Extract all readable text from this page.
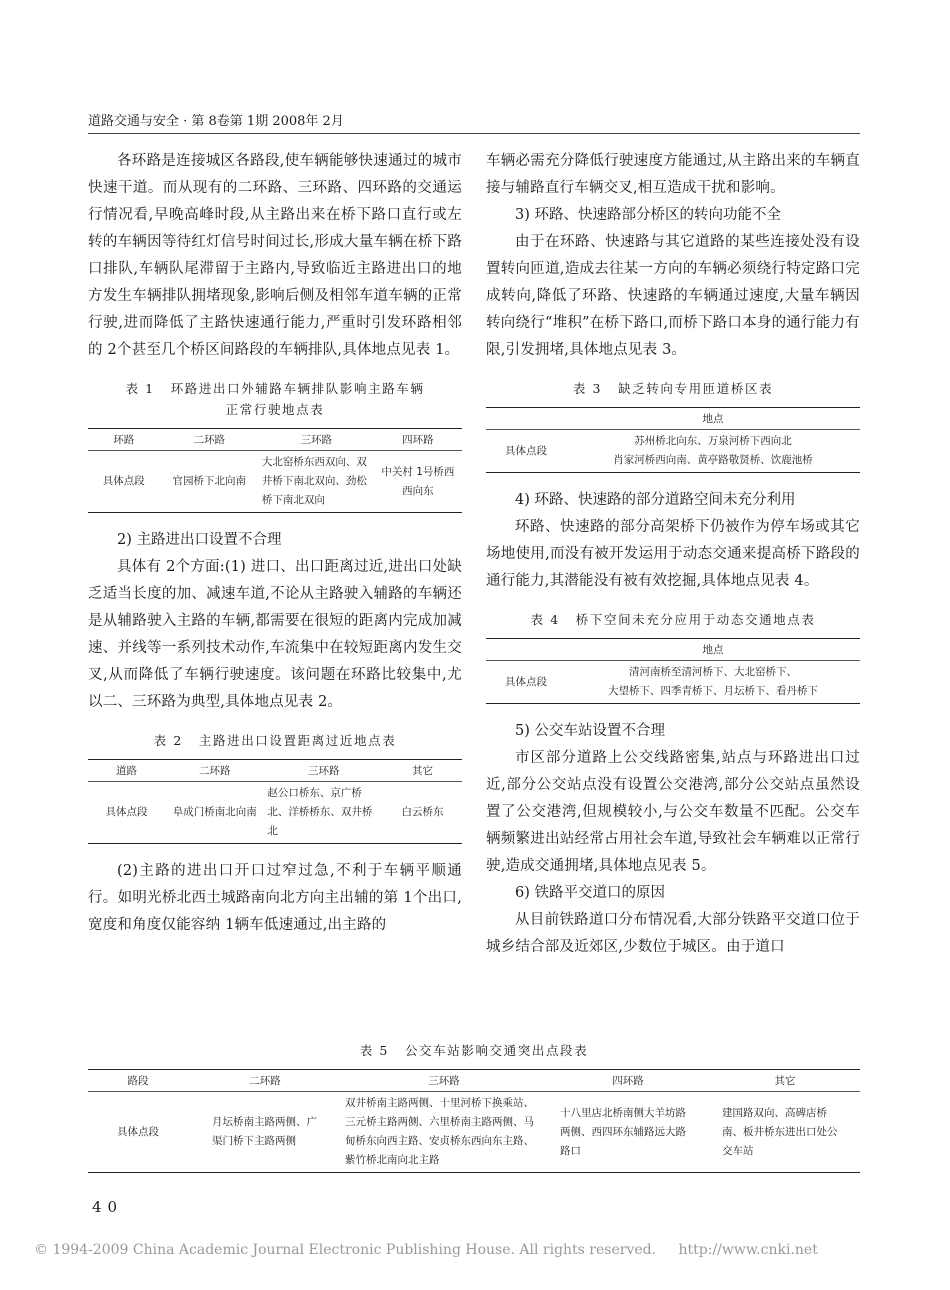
道路交通与安全 · 第 8卷第 1期 2008年 2月

各环路是连接城区各路段,使车辆能够快速通过的城市快速干道。而从现有的二环路、三环路、四环路的交通运行情况看,早晚高峰时段,从主路出来在桥下路口直行或左转的车辆因等待红灯信号时间过长,形成大量车辆在桥下路口排队,车辆队尾滞留于主路内,导致临近主路进出口的地方发生车辆排队拥堵现象,影响后侧及相邻车道车辆的正常行驶,进而降低了主路快速通行能力,严重时引发环路相邻的 2个甚至几个桥区间路段的车辆排队,具体地点见表 1。

表 1 环路进出口外辅路车辆排队影响主路车辆
正常行驶地点表
环路	二环路	三环路	四环路
具体点段	官园桥下北向南	大北窑桥东西双向、双井桥下南北双向、劲松桥下南北双向	中关村 1号桥西西向东

2) 主路进出口设置不合理

具体有 2个方面:(1) 进口、出口距离过近,进出口处缺乏适当长度的加、减速车道,不论从主路驶入辅路的车辆还是从辅路驶入主路的车辆,都需要在很短的距离内完成加减速、并线等一系列技术动作,车流集中在较短距离内发生交叉,从而降低了车辆行驶速度。该问题在环路比较集中,尤以二、三环路为典型,具体地点见表 2。

表 2 主路进出口设置距离过近地点表
道路	二环路	三环路	其它
具体点段	阜成门桥南北向南	赵公口桥东、京广桥北、洋桥桥东、双井桥北	白云桥东

(2)主路的进出口开口过窄过急,不利于车辆平顺通行。如明光桥北西土城路南向北方向主出辅的第 1个出口,宽度和角度仅能容纳 1辆车低速通过,出主路的

车辆必需充分降低行驶速度方能通过,从主路出来的车辆直接与辅路直行车辆交叉,相互造成干扰和影响。

3) 环路、快速路部分桥区的转向功能不全

由于在环路、快速路与其它道路的某些连接处没有设置转向匝道,造成去往某一方向的车辆必须绕行特定路口完成转向,降低了环路、快速路的车辆通过速度,大量车辆因转向绕行“堆积”在桥下路口,而桥下路口本身的通行能力有限,引发拥堵,具体地点见表 3。

表 3 缺乏转向专用匝道桥区表
	地点
具体点段	苏州桥北向东、万泉河桥下西向北
肖家河桥西向南、黄亭路敬贤桥、饮鹿池桥

4) 环路、快速路的部分道路空间未充分利用

环路、快速路的部分高架桥下仍被作为停车场或其它场地使用,而没有被开发运用于动态交通来提高桥下路段的通行能力,其潜能没有被有效挖掘,具体地点见表 4。

表 4 桥下空间未充分应用于动态交通地点表
	地点
具体点段	清河南桥至清河桥下、大北窑桥下、
大望桥下、四季青桥下、月坛桥下、看丹桥下

5) 公交车站设置不合理

市区部分道路上公交线路密集,站点与环路进出口过近,部分公交站点没有设置公交港湾,部分公交站点虽然设置了公交港湾,但规模较小,与公交车数量不匹配。公交车辆频繁进出站经常占用社会车道,导致社会车辆难以正常行驶,造成交通拥堵,具体地点见表 5。

6) 铁路平交道口的原因

从目前铁路道口分布情况看,大部分铁路平交道口位于城乡结合部及近郊区,少数位于城区。由于道口

表 5 公交车站影响交通突出点段表
路段	二环路	三环路	四环路	其它
具体点段	月坛桥南主路两侧、广渠门桥下主路两侧	双井桥南主路两侧、十里河桥下换乘站、三元桥主路两侧、六里桥南主路两侧、马甸桥东向西主路、安贞桥东西向东主路、紫竹桥北南向北主路	十八里店北桥南侧大羊坊路两侧、西四环东辅路远大路路口	建国路双向、高碑店桥南、板井桥东进出口处公交车站
40
© 1994-2009 China Academic Journal Electronic Publishing House. All rights reserved. http://www.cnki.net
